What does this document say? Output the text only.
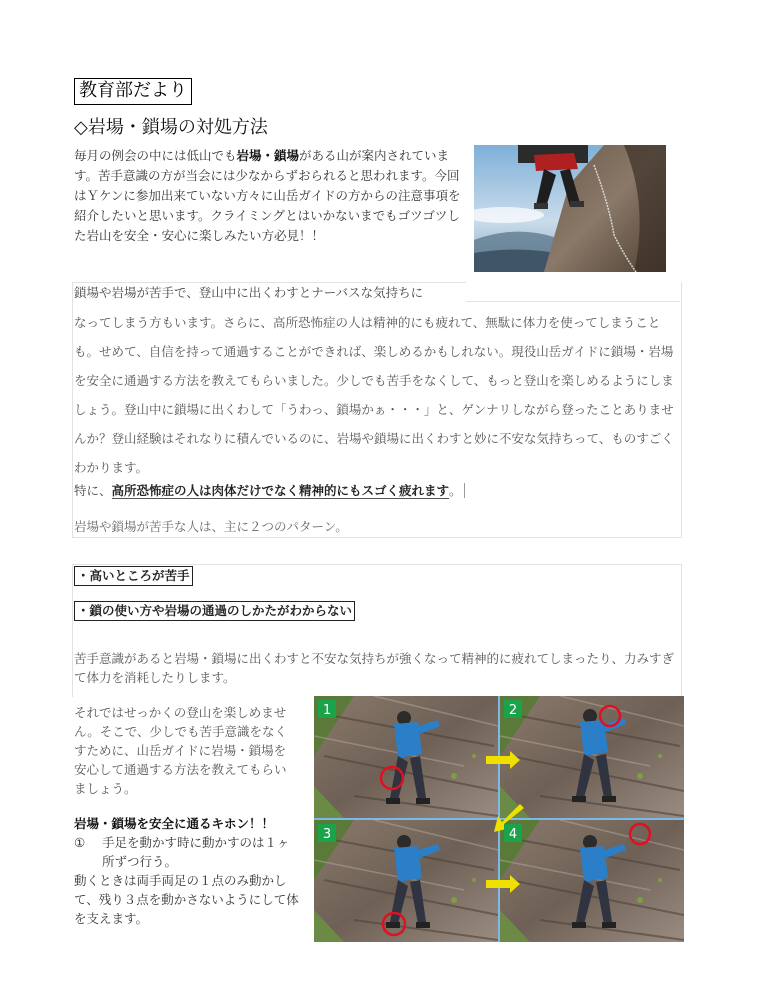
教育部だより
◇岩場・鎖場の対処方法
毎月の例会の中には低山でも岩場・鎖場がある山が案内されています。苦手意識の方が当会には少なからずおられると思われます。今回はＹケンに参加出来ていない方々に山岳ガイドの方からの注意事項を紹介したいと思います。クライミングとはいかないまでもゴツゴツした岩山を安全・安心に楽しみたい方必見！！
鎖場や岩場が苦手で、登山中に出くわすとナーバスな気持ちに
なってしまう方もいます。さらに、高所恐怖症の人は精神的にも疲れて、無駄に体力を使ってしまうことも。せめて、自信を持って通過することができれば、楽しめるかもしれない。現役山岳ガイドに鎖場・岩場を安全に通過する方法を教えてもらいました。少しでも苦手をなくして、もっと登山を楽しめるようにしましょう。登山中に鎖場に出くわして「うわっ、鎖場かぁ・・・」と、ゲンナリしながら登ったことありませんか？登山経験はそれなりに積んでいるのに、岩場や鎖場に出くわすと妙に不安な気持ちって、ものすごくわかります。
特に、高所恐怖症の人は肉体だけでなく精神的にもスゴく疲れます。
岩場や鎖場が苦手な人は、主に２つのパターン。
・高いところが苦手
・鎖の使い方や岩場の通過のしかたがわからない
苦手意識があると岩場・鎖場に出くわすと不安な気持ちが強くなって精神的に疲れてしまったり、力みすぎて体力を消耗したりします。
それではせっかくの登山を楽しめません。そこで、少しでも苦手意識をなくすために、山岳ガイドに岩場・鎖場を安心して通過する方法を教えてもらいましょう。
岩場・鎖場を安全に通るキホン！！
① 手足を動かす時に動かすのは１ヶ
所ずつ行う。
動くときは両手両足の１点のみ動かして、残り３点を動かさないようにして体を支えます。
1	2
3	4
